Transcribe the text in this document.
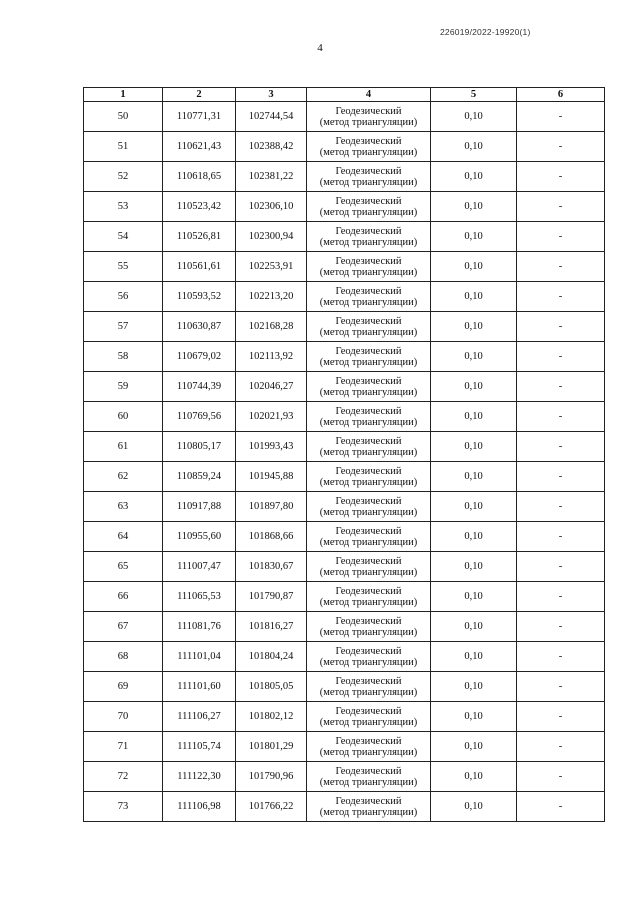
226019/2022-19920(1)
4
1	2	3	4	5	6
50	110771,31	102744,54	Геодезический
(метод триангуляции)	0,10	-
51	110621,43	102388,42	Геодезический
(метод триангуляции)	0,10	-
52	110618,65	102381,22	Геодезический
(метод триангуляции)	0,10	-
53	110523,42	102306,10	Геодезический
(метод триангуляции)	0,10	-
54	110526,81	102300,94	Геодезический
(метод триангуляции)	0,10	-
55	110561,61	102253,91	Геодезический
(метод триангуляции)	0,10	-
56	110593,52	102213,20	Геодезический
(метод триангуляции)	0,10	-
57	110630,87	102168,28	Геодезический
(метод триангуляции)	0,10	-
58	110679,02	102113,92	Геодезический
(метод триангуляции)	0,10	-
59	110744,39	102046,27	Геодезический
(метод триангуляции)	0,10	-
60	110769,56	102021,93	Геодезический
(метод триангуляции)	0,10	-
61	110805,17	101993,43	Геодезический
(метод триангуляции)	0,10	-
62	110859,24	101945,88	Геодезический
(метод триангуляции)	0,10	-
63	110917,88	101897,80	Геодезический
(метод триангуляции)	0,10	-
64	110955,60	101868,66	Геодезический
(метод триангуляции)	0,10	-
65	111007,47	101830,67	Геодезический
(метод триангуляции)	0,10	-
66	111065,53	101790,87	Геодезический
(метод триангуляции)	0,10	-
67	111081,76	101816,27	Геодезический
(метод триангуляции)	0,10	-
68	111101,04	101804,24	Геодезический
(метод триангуляции)	0,10	-
69	111101,60	101805,05	Геодезический
(метод триангуляции)	0,10	-
70	111106,27	101802,12	Геодезический
(метод триангуляции)	0,10	-
71	111105,74	101801,29	Геодезический
(метод триангуляции)	0,10	-
72	111122,30	101790,96	Геодезический
(метод триангуляции)	0,10	-
73	111106,98	101766,22	Геодезический
(метод триангуляции)	0,10	-
